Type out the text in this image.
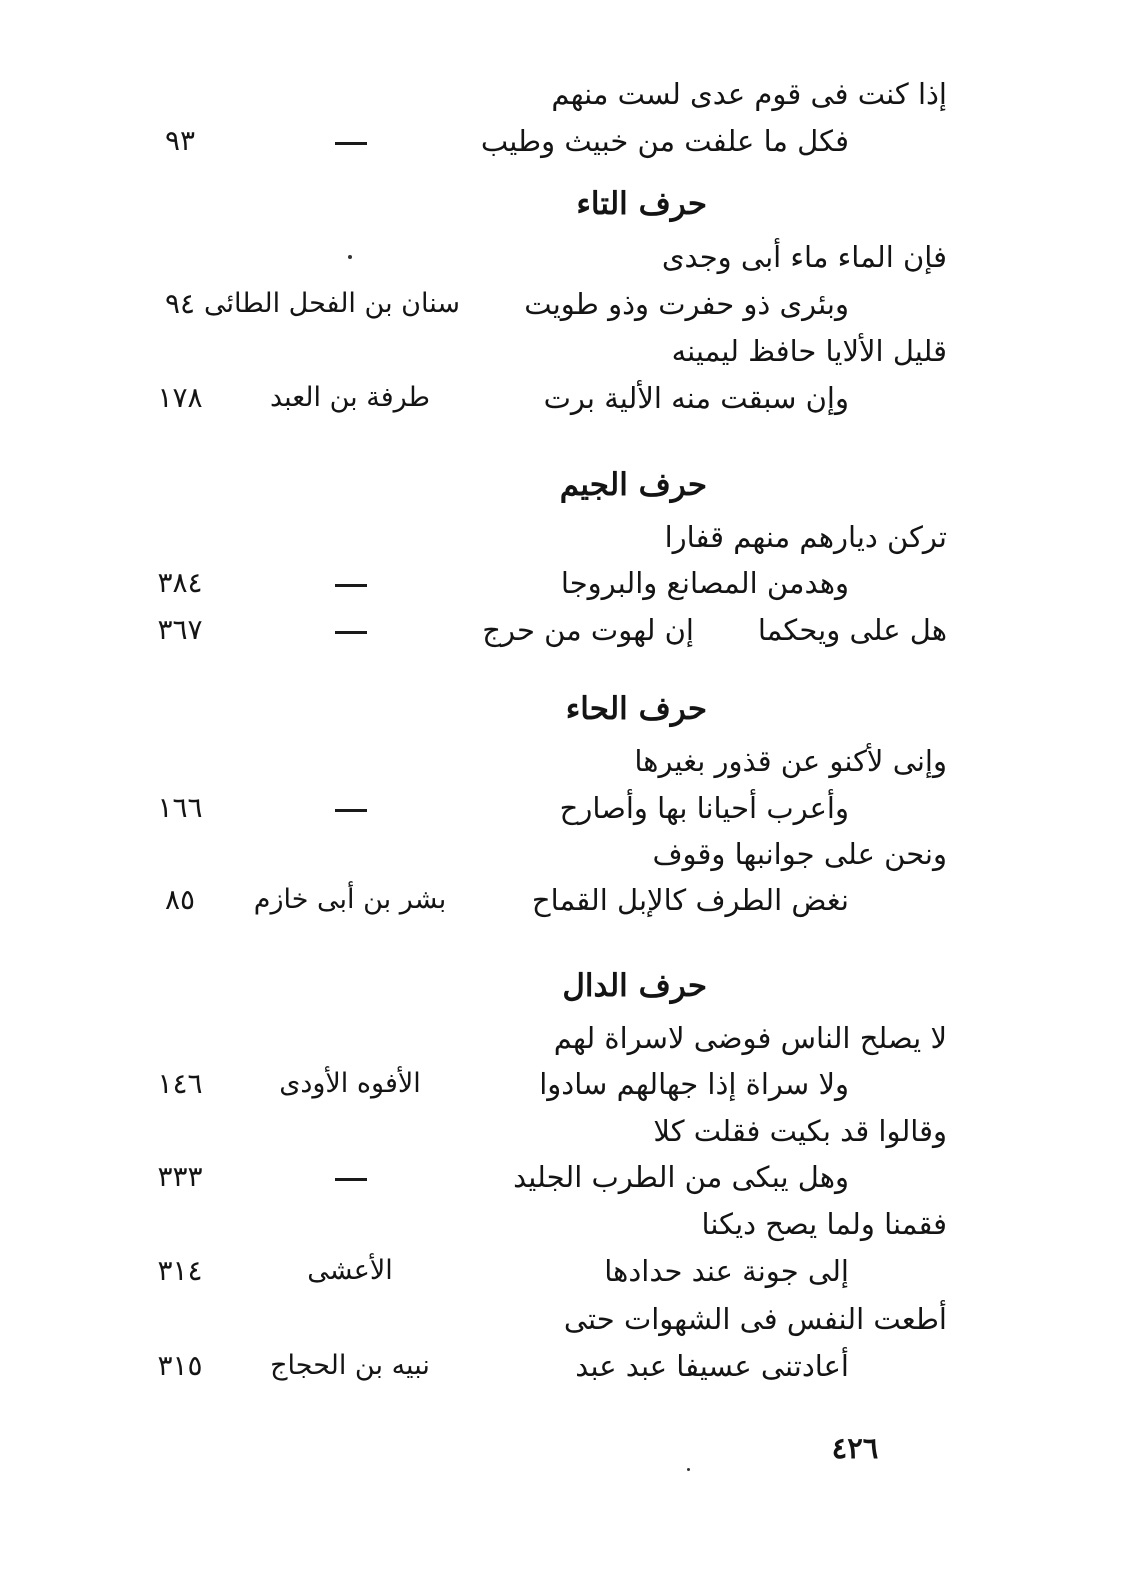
إذا كنت فى قوم عدى لست منهم
فكل ما علفت من خبيث وطيب
٩٣
حرف التاء
فإن الماء ماء أبى وجدى
وبئرى ذو حفرت وذو طويت
سنان بن الفحل الطائى
٩٤
قليل الألايا حافظ ليمينه
وإن سبقت منه الألية برت
طرفة بن العبد
١٧٨
حرف الجيم
تركن ديارهم منهم قفارا
وهدمن المصانع والبروجا
٣٨٤
هل على ويحكما
إن لهوت من حرج
٣٦٧
حرف الحاء
وإنى لأكنو عن قذور بغيرها
وأعرب أحيانا بها وأصارح
١٦٦
ونحن على جوانبها وقوف
نغض الطرف كالإبل القماح
بشر بن أبى خازم
٨٥
حرف الدال
لا يصلح الناس فوضى لاسراة لهم
ولا سراة إذا جهالهم سادوا
الأفوه الأودى
١٤٦
وقالوا قد بكيت فقلت كلا
وهل يبكى من الطرب الجليد
٣٣٣
فقمنا ولما يصح ديكنا
إلى جونة عند حدادها
الأعشى
٣١٤
أطعت النفس فى الشهوات حتى
أعادتنى عسيفا عبد عبد
نبيه بن الحجاج
٣١٥
٤٢٦
